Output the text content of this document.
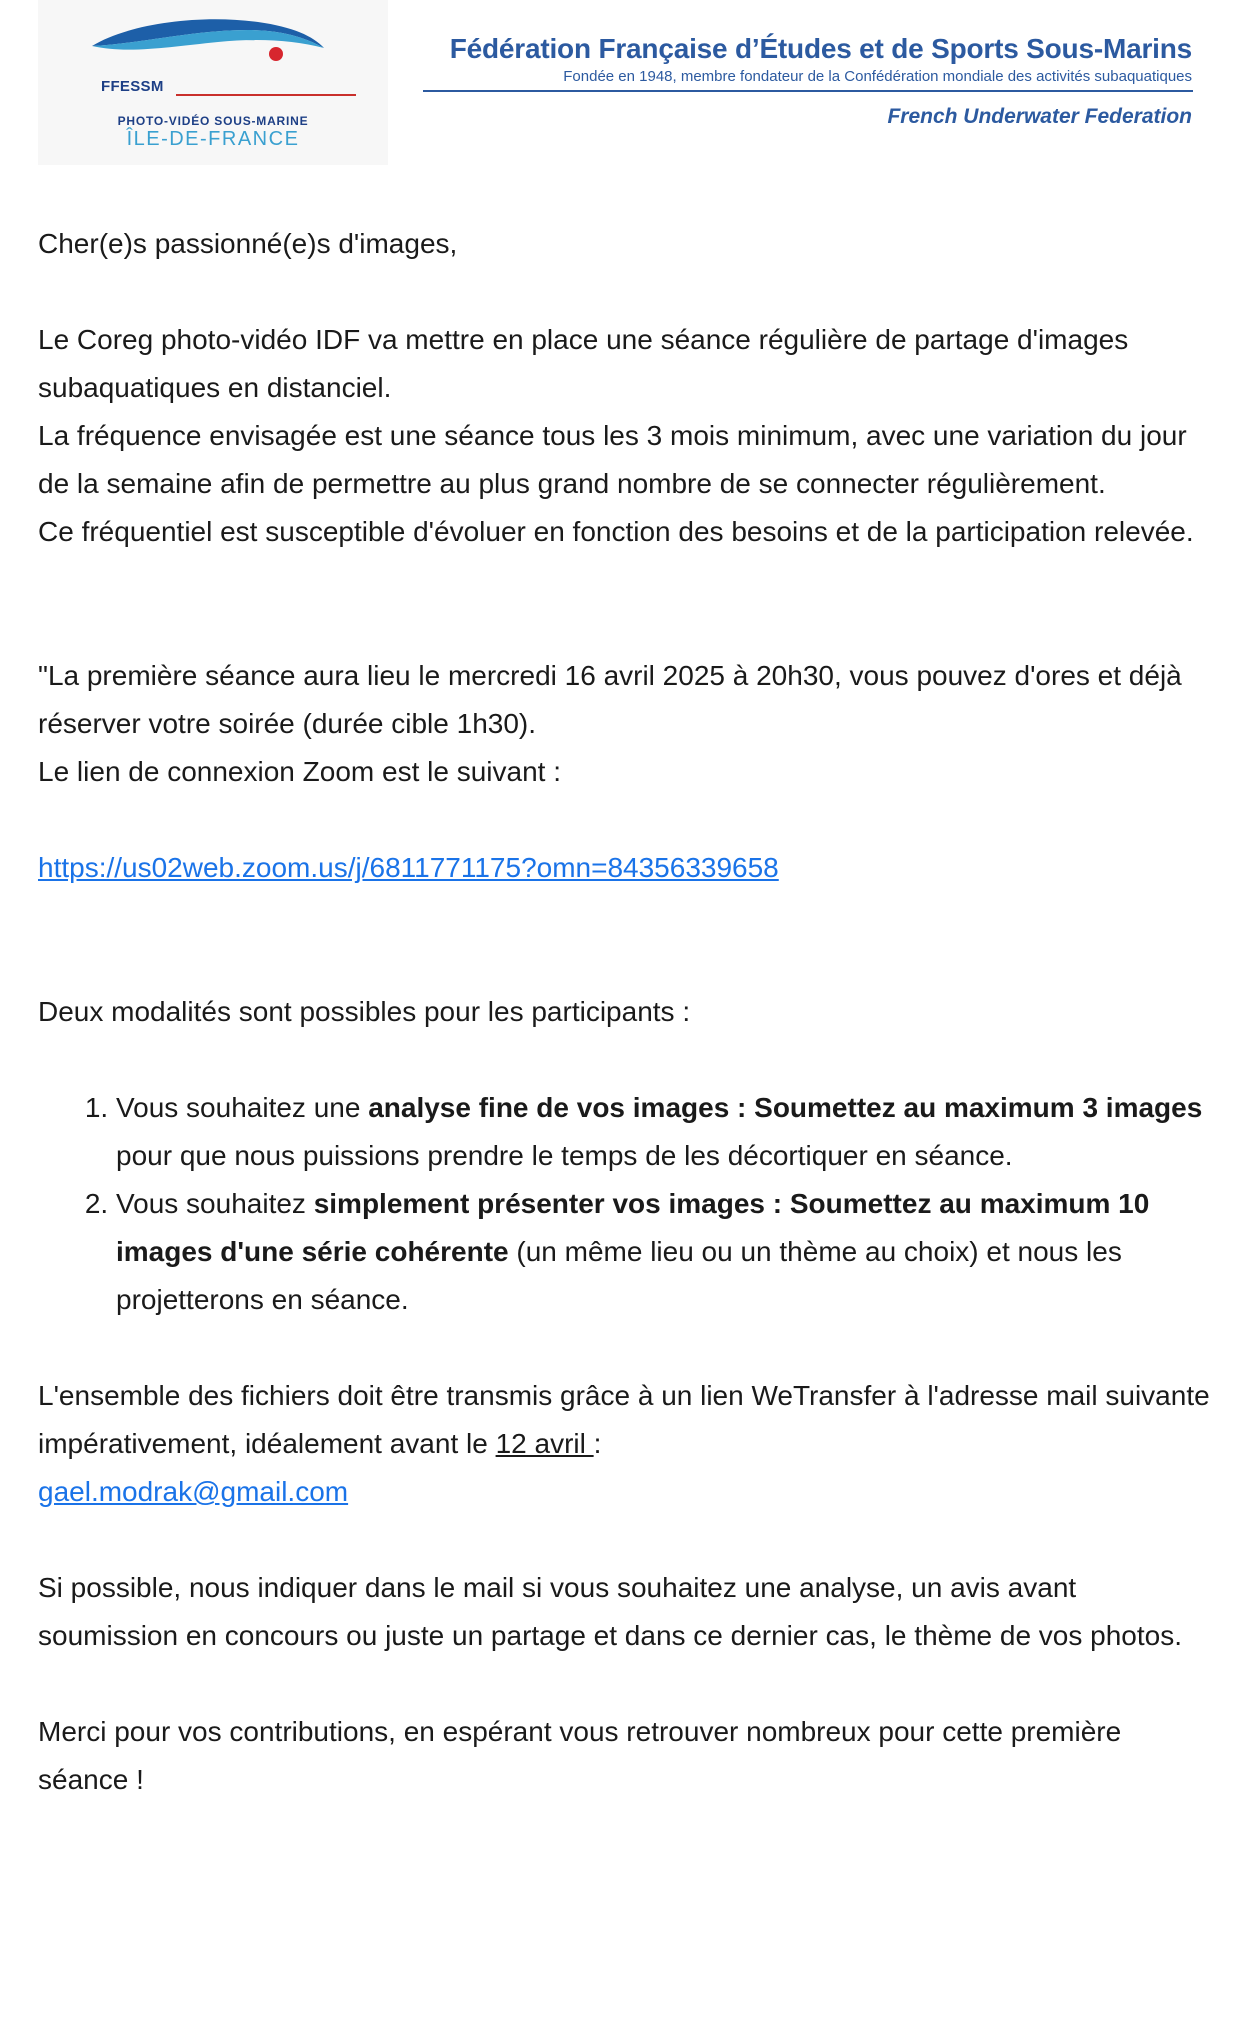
FFESSM
PHOTO-VIDÉO SOUS-MARINE
ÎLE-DE-FRANCE
Fédération Française d’Études et de Sports Sous-Marins
Fondée en 1948, membre fondateur de la Confédération mondiale des activités subaquatiques
French Underwater Federation

Cher(e)s passionné(e)s d'images,

Le Coreg photo-vidéo IDF va mettre en place une séance régulière de partage d'images subaquatiques en distanciel.

La fréquence envisagée est une séance tous les 3 mois minimum, avec une variation du jour de la semaine afin de permettre au plus grand nombre de se connecter régulièrement.

Ce fréquentiel est susceptible d'évoluer en fonction des besoins et de la participation relevée.

"La première séance aura lieu le mercredi 16 avril 2025 à 20h30, vous pouvez d'ores et déjà réserver votre soirée (durée cible 1h30).

Le lien de connexion Zoom est le suivant :

https://us02web.zoom.us/j/6811771175?omn=84356339658

Deux modalités sont possibles pour les participants :

1. Vous souhaitez une analyse fine de vos images : Soumettez au maximum 3 images pour que nous puissions prendre le temps de les décortiquer en séance.
2. Vous souhaitez simplement présenter vos images : Soumettez au maximum 10 images d'une série cohérente (un même lieu ou un thème au choix) et nous les projetterons en séance.

L'ensemble des fichiers doit être transmis grâce à un lien WeTransfer à l'adresse mail suivante impérativement, idéalement avant le 12 avril :

gael.modrak@gmail.com

Si possible, nous indiquer dans le mail si vous souhaitez une analyse, un avis avant soumission en concours ou juste un partage et dans ce dernier cas, le thème de vos photos.

Merci pour vos contributions, en espérant vous retrouver nombreux pour cette première séance !
